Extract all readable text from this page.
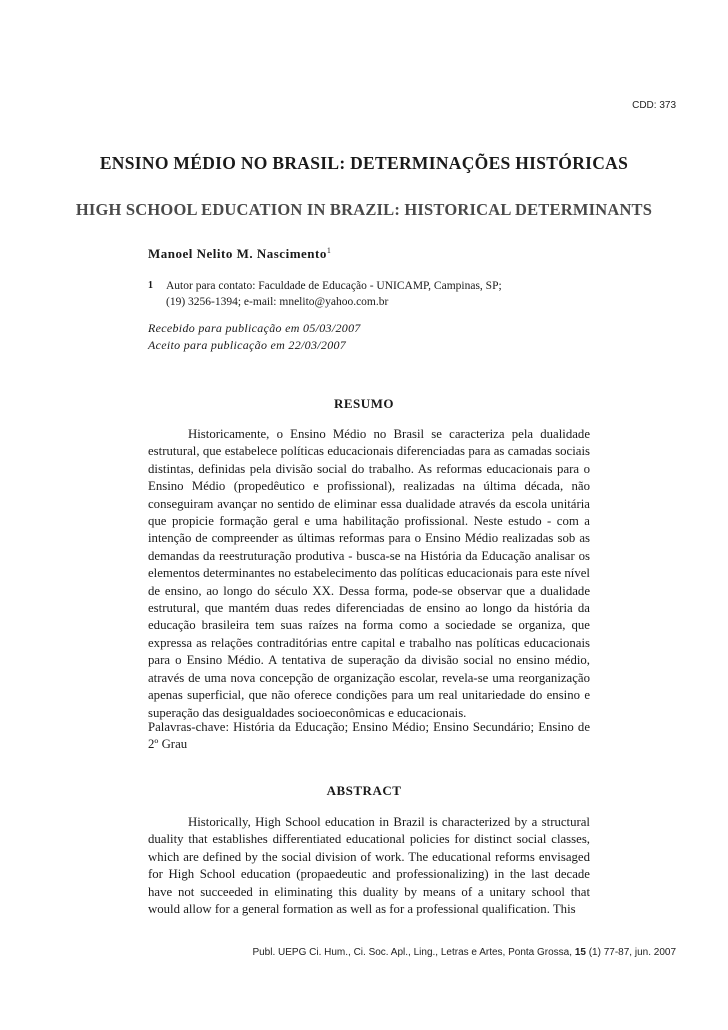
CDD: 373
ENSINO MÉDIO NO BRASIL: DETERMINAÇÕES HISTÓRICAS
HIGH SCHOOL EDUCATION IN BRAZIL: HISTORICAL DETERMINANTS
Manoel Nelito M. Nascimento$^1$
1	Autor para contato: Faculdade de Educação - UNICAMP, Campinas, SP;
(19) 3256-1394; e-mail: mnelito@yahoo.com.br
Recebido para publicação em 05/03/2007
Aceito para publicação em 22/03/2007
RESUMO

Historicamente, o Ensino Médio no Brasil se caracteriza pela dualidade estrutural, que estabelece políticas educacionais diferenciadas para as camadas sociais distintas, definidas pela divisão social do trabalho. As reformas educacionais para o Ensino Médio (propedêutico e profissional), realizadas na última década, não conseguiram avançar no sentido de eliminar essa dualidade através da escola unitária que propicie formação geral e uma habilitação profissional. Neste estudo - com a intenção de compreender as últimas reformas para o Ensino Médio realizadas sob as demandas da reestruturação produtiva - busca-se na História da Educação analisar os elementos determinantes no estabelecimento das políticas educacionais para este nível de ensino, ao longo do século XX. Dessa forma, pode-se observar que a dualidade estrutural, que mantém duas redes diferenciadas de ensino ao longo da história da educação brasileira tem suas raízes na forma como a sociedade se organiza, que expressa as relações contraditórias entre capital e trabalho nas políticas educacionais para o Ensino Médio. A tentativa de superação da divisão social no ensino médio, através de uma nova concepção de organização escolar, revela-se uma reorganização apenas superficial, que não oferece condições para um real unitariedade do ensino e superação das desigualdades socioeconômicas e educacionais.

Palavras-chave: História da Educação; Ensino Médio; Ensino Secundário; Ensino de 2º Grau
ABSTRACT

Historically, High School education in Brazil is characterized by a structural duality that establishes differentiated educational policies for distinct social classes, which are defined by the social division of work. The educational reforms envisaged for High School education (propaedeutic and professionalizing) in the last decade have not succeeded in eliminating this duality by means of a unitary school that would allow for a general formation as well as for a professional qualification. This

Publ. UEPG Ci. Hum., Ci. Soc. Apl., Ling., Letras e Artes, Ponta Grossa, 15 (1) 77-87, jun. 2007
